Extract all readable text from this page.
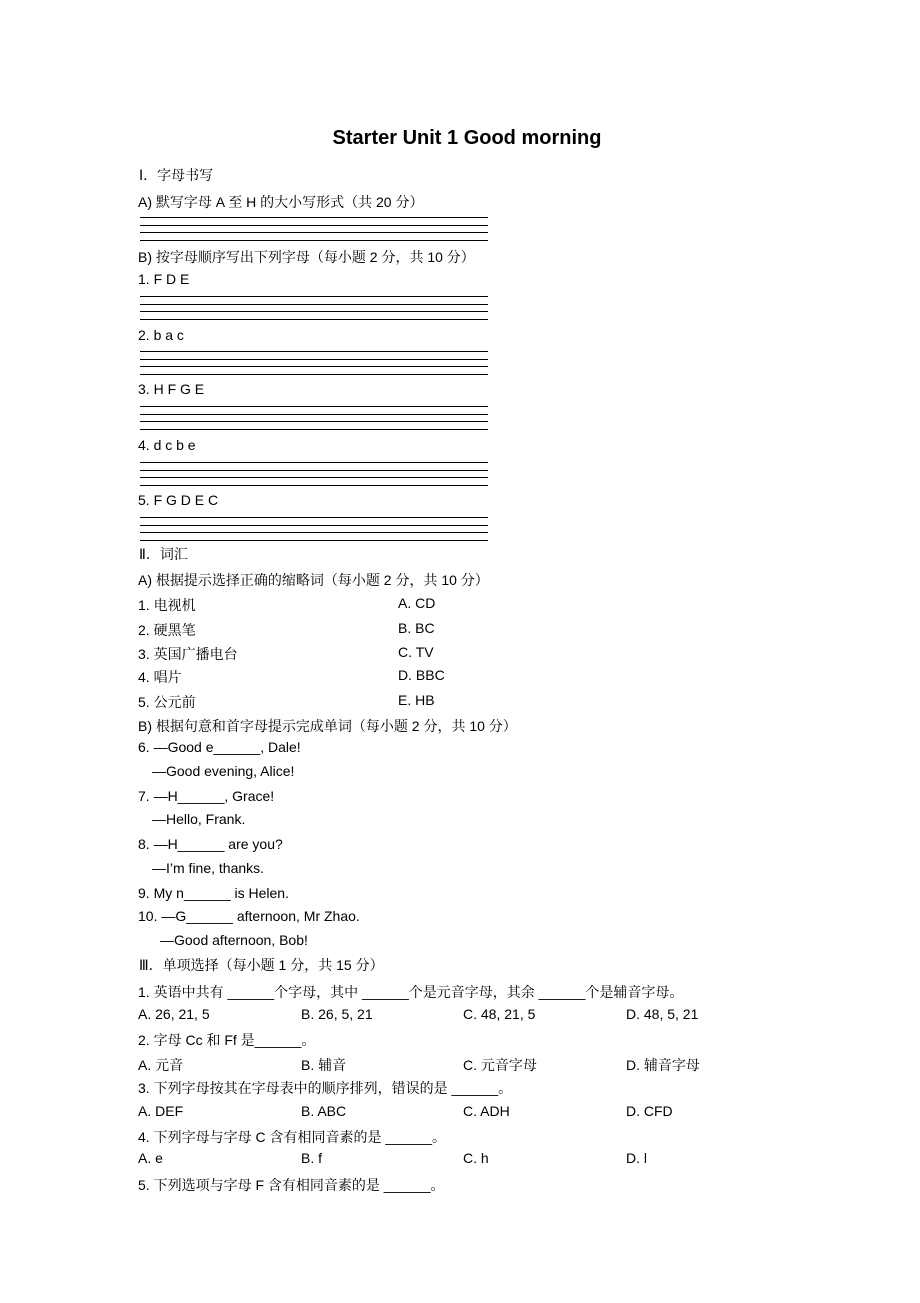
Starter Unit 1 Good morning
Ⅰ．字母书写
A) 默写字母 A 至 H 的大小写形式（共 20 分）
B) 按字母顺序写出下列字母（每小题 2 分，共 10 分）
1. F D E
2. b a c
3. H F G E
4. d c b e
5. F G D E C
Ⅱ．词汇
A) 根据提示选择正确的缩略词（每小题 2 分，共 10 分）
1. 电视机	A. CD
2. 硬黑笔	B. BC
3. 英国广播电台	C. TV
4. 唱片	D. BBC
5. 公元前	E. HB
B) 根据句意和首字母提示完成单词（每小题 2 分，共 10 分）
6. —Good e______, Dale!
—Good evening, Alice!
7. —H______, Grace!
—Hello, Frank.
8. —H______ are you?
—I’m fine, thanks.
9. My n______ is Helen.
10. —G______ afternoon, Mr Zhao.
—Good afternoon, Bob!
Ⅲ．单项选择（每小题 1 分，共 15 分）
1. 英语中共有 ______个字母，其中 ______个是元音字母，其余 ______个是辅音字母。
A. 26, 21, 5	B. 26, 5, 21	C. 48, 21, 5	D. 48, 5, 21
2. 字母 Cc 和 Ff 是______。
A. 元音	B. 辅音	C. 元音字母	D. 辅音字母
3. 下列字母按其在字母表中的顺序排列，错误的是 ______。
A. DEF	B. ABC	C. ADH	D. CFD
4. 下列字母与字母 C 含有相同音素的是 ______。
A. e	B. f	C. h	D. l
5. 下列选项与字母 F 含有相同音素的是 ______。
